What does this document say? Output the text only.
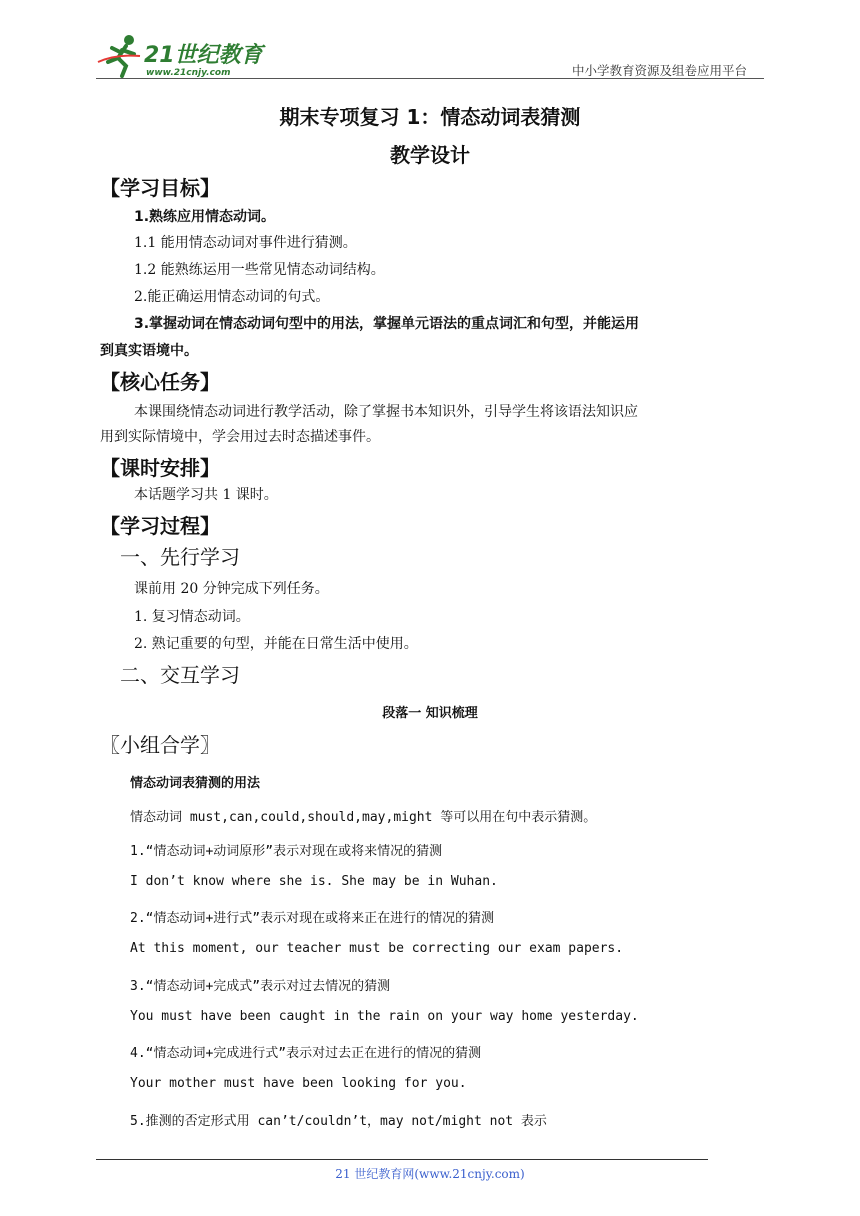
21世纪教育
www.21cnjy.com	中小学教育资源及组卷应用平台
期末专项复习 1：情态动词表猜测
教学设计
【学习目标】
1.熟练应用情态动词。
1.1 能用情态动词对事件进行猜测。
1.2 能熟练运用一些常见情态动词结构。
2.能正确运用情态动词的句式。
3.掌握动词在情态动词句型中的用法，掌握单元语法的重点词汇和句型，并能运用
到真实语境中。
【核心任务】
本课围绕情态动词进行教学活动，除了掌握书本知识外，引导学生将该语法知识应
用到实际情境中，学会用过去时态描述事件。
【课时安排】
本话题学习共 1 课时。
【学习过程】
一、先行学习
课前用 20 分钟完成下列任务。
1. 复习情态动词。
2. 熟记重要的句型，并能在日常生活中使用。
二、交互学习
段落一 知识梳理
〖小组合学〗
情态动词表猜测的用法
情态动词 must,can,could,should,may,might 等可以用在句中表示猜测。
1.“情态动词+动词原形”表示对现在或将来情况的猜测
I don’t know where she is. She may be in Wuhan.
2.“情态动词+进行式”表示对现在或将来正在进行的情况的猜测
At this moment, our teacher must be correcting our exam papers.
3.“情态动词+完成式”表示对过去情况的猜测
You must have been caught in the rain on your way home yesterday.
4.“情态动词+完成进行式”表示对过去正在进行的情况的猜测
Your mother must have been looking for you.
5.推测的否定形式用 can’t/couldn’t，may not/might not 表示
21 世纪教育网(www.21cnjy.com)
